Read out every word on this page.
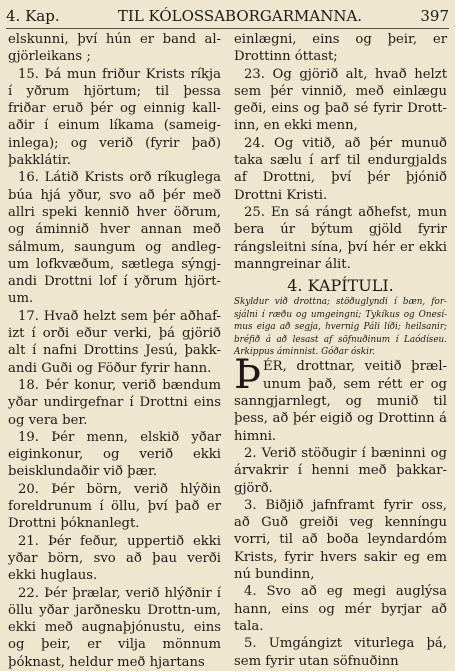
4. Kap.	TIL KÓLOSSABORGARMANNA.	397

elskunni, því hún er band al-gjörleikans ;

15. Þá mun friður Krists ríkja í yðrum hjörtum; til þessa friðar eruð þér og einnig kall-aðir í einum líkama (sameig-inlega); og verið (fyrir það) þakklátir.

16. Látið Krists orð ríkuglega búa hjá yður, svo að þér með allri speki kennið hver öðrum, og áminnið hver annan með sálmum, saungum og andleg-um lofkvæðum, sætlega sýngj-andi Drottni lof í yðrum hjört-um.

17. Hvað helzt sem þér aðhaf-izt í orði eður verki, þá gjörið alt í nafni Drottins Jesú, þakk-andi Guði og Föður fyrir hann.

18. Þér konur, verið bændum yðar undirgefnar í Drottni eins og vera ber.

19. Þér menn, elskið yðar eiginkonur, og verið ekki beisklundaðir við þær.

20. Þér börn, verið hlýðin foreldrunum í öllu, því það er Drottni þóknanlegt.

21. Þér feður, uppertið ekki yðar börn, svo að þau verði ekki huglaus.

22. Þér þrælar, verið hlýðnir í öllu yðar jarðnesku Drottn-um, ekki með augnaþjónustu, eins og þeir, er vilja mönnum þóknast, heldur með hjartans

einlægni, eins og þeir, er Drottinn óttast;

23. Og gjörið alt, hvað helzt sem þér vinnið, með einlægu geði, eins og það sé fyrir Drott-inn, en ekki menn,

24. Og vitið, að þér munuð taka sælu í arf til endurgjalds af Drottni, því þér þjónið Drottni Kristi.

25. En sá rángt aðhefst, mun bera úr býtum gjöld fyrir rángsleitni sína, því hér er ekki manngreinar álit.

4. KAPÍTULI.

Skyldur við drottna; stöðuglyndi í bæn, for-sjálni í ræðu og umgeingni; Tykíkus og Onesí-mus eiga að segja, hvernig Páli líði; heilsanir; bréfið á að lesast af söfnuðinum í Laódíseu. Arkippus áminnist. Góðar óskir.

ÞÉR, drottnar, veitið þræl-unum það, sem rétt er og sanngjarnlegt, og munið til þess, að þér eigið og Drottinn á himni.

2. Verið stöðugir í bæninni og árvakrir í henni með þakkar-gjörð.

3. Biðjið jafnframt fyrir oss, að Guð greiði veg kenníngu vorri, til að boða leyndardóm Krists, fyrir hvers sakir eg em nú bundinn,

4. Svo að eg megi auglýsa hann, eins og mér byrjar að tala.

5. Umgángizt viturlega þá, sem fyrir utan söfnuðinn
